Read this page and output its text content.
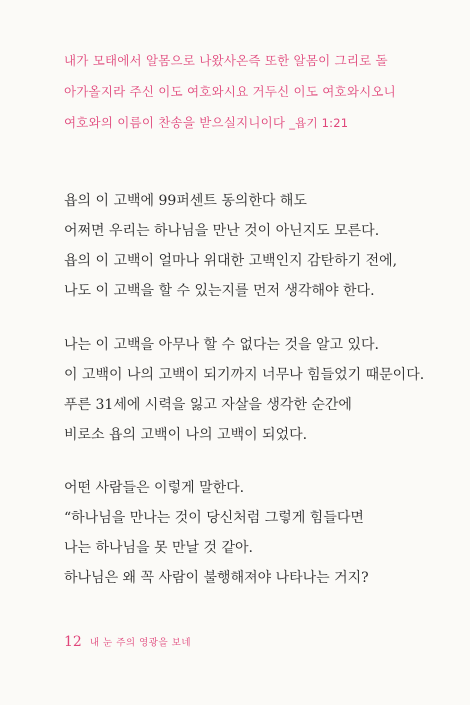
내가 모태에서 알몸으로 나왔사온즉 또한 알몸이 그리로 돌
아가올지라 주신 이도 여호와시요 거두신 이도 여호와시오니
여호와의 이름이 찬송을 받으실지니이다 _욥기 1:21
욥의 이 고백에 99퍼센트 동의한다 해도
어쩌면 우리는 하나님을 만난 것이 아닌지도 모른다.
욥의 이 고백이 얼마나 위대한 고백인지 감탄하기 전에,
나도 이 고백을 할 수 있는지를 먼저 생각해야 한다.
나는 이 고백을 아무나 할 수 없다는 것을 알고 있다.
이 고백이 나의 고백이 되기까지 너무나 힘들었기 때문이다.
푸른 31세에 시력을 잃고 자살을 생각한 순간에
비로소 욥의 고백이 나의 고백이 되었다.
어떤 사람들은 이렇게 말한다.
“하나님을 만나는 것이 당신처럼 그렇게 힘들다면
나는 하나님을 못 만날 것 같아.
하나님은 왜 꼭 사람이 불행해져야 나타나는 거지?
12 내 눈 주의 영광을 보네
